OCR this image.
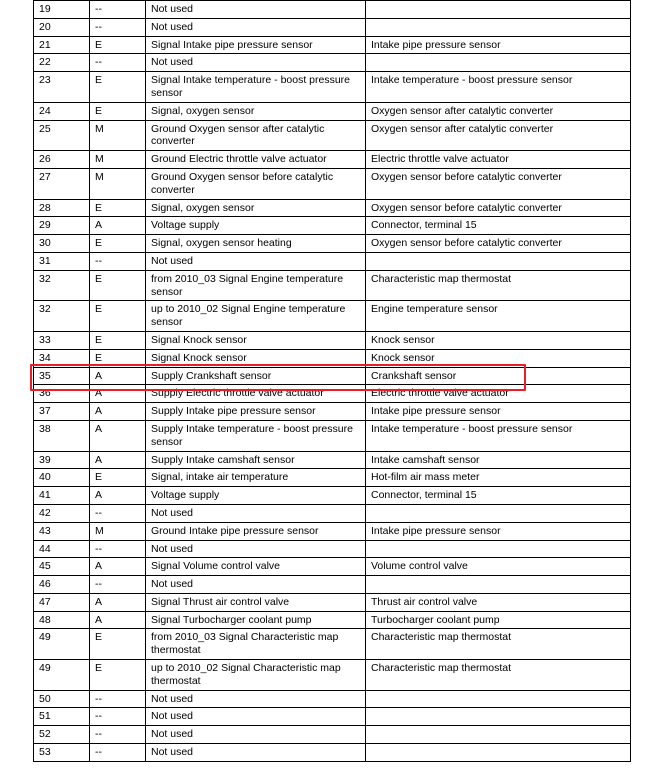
19	--	Not used	
20	--	Not used	
21	E	Signal Intake pipe pressure sensor	Intake pipe pressure sensor
22	--	Not used	
23	E	Signal Intake temperature - boost pressure sensor	Intake temperature - boost pressure sensor
24	E	Signal, oxygen sensor	Oxygen sensor after catalytic converter
25	M	Ground Oxygen sensor after catalytic converter	Oxygen sensor after catalytic converter
26	M	Ground Electric throttle valve actuator	Electric throttle valve actuator
27	M	Ground Oxygen sensor before catalytic converter	Oxygen sensor before catalytic converter
28	E	Signal, oxygen sensor	Oxygen sensor before catalytic converter
29	A	Voltage supply	Connector, terminal 15
30	E	Signal, oxygen sensor heating	Oxygen sensor before catalytic converter
31	--	Not used	
32	E	from 2010_03 Signal Engine temperature sensor	Characteristic map thermostat
32	E	up to 2010_02 Signal Engine temperature sensor	Engine temperature sensor
33	E	Signal Knock sensor	Knock sensor
34	E	Signal Knock sensor	Knock sensor
35	A	Supply Crankshaft sensor	Crankshaft sensor
36	A	Supply Electric throttle valve actuator	Electric throttle valve actuator
37	A	Supply Intake pipe pressure sensor	Intake pipe pressure sensor
38	A	Supply Intake temperature - boost pressure sensor	Intake temperature - boost pressure sensor
39	A	Supply Intake camshaft sensor	Intake camshaft sensor
40	E	Signal, intake air temperature	Hot-film air mass meter
41	A	Voltage supply	Connector, terminal 15
42	--	Not used	
43	M	Ground Intake pipe pressure sensor	Intake pipe pressure sensor
44	--	Not used	
45	A	Signal Volume control valve	Volume control valve
46	--	Not used	
47	A	Signal Thrust air control valve	Thrust air control valve
48	A	Signal Turbocharger coolant pump	Turbocharger coolant pump
49	E	from 2010_03 Signal Characteristic map thermostat	Characteristic map thermostat
49	E	up to 2010_02 Signal Characteristic map thermostat	Characteristic map thermostat
50	--	Not used	
51	--	Not used	
52	--	Not used	
53	--	Not used	
